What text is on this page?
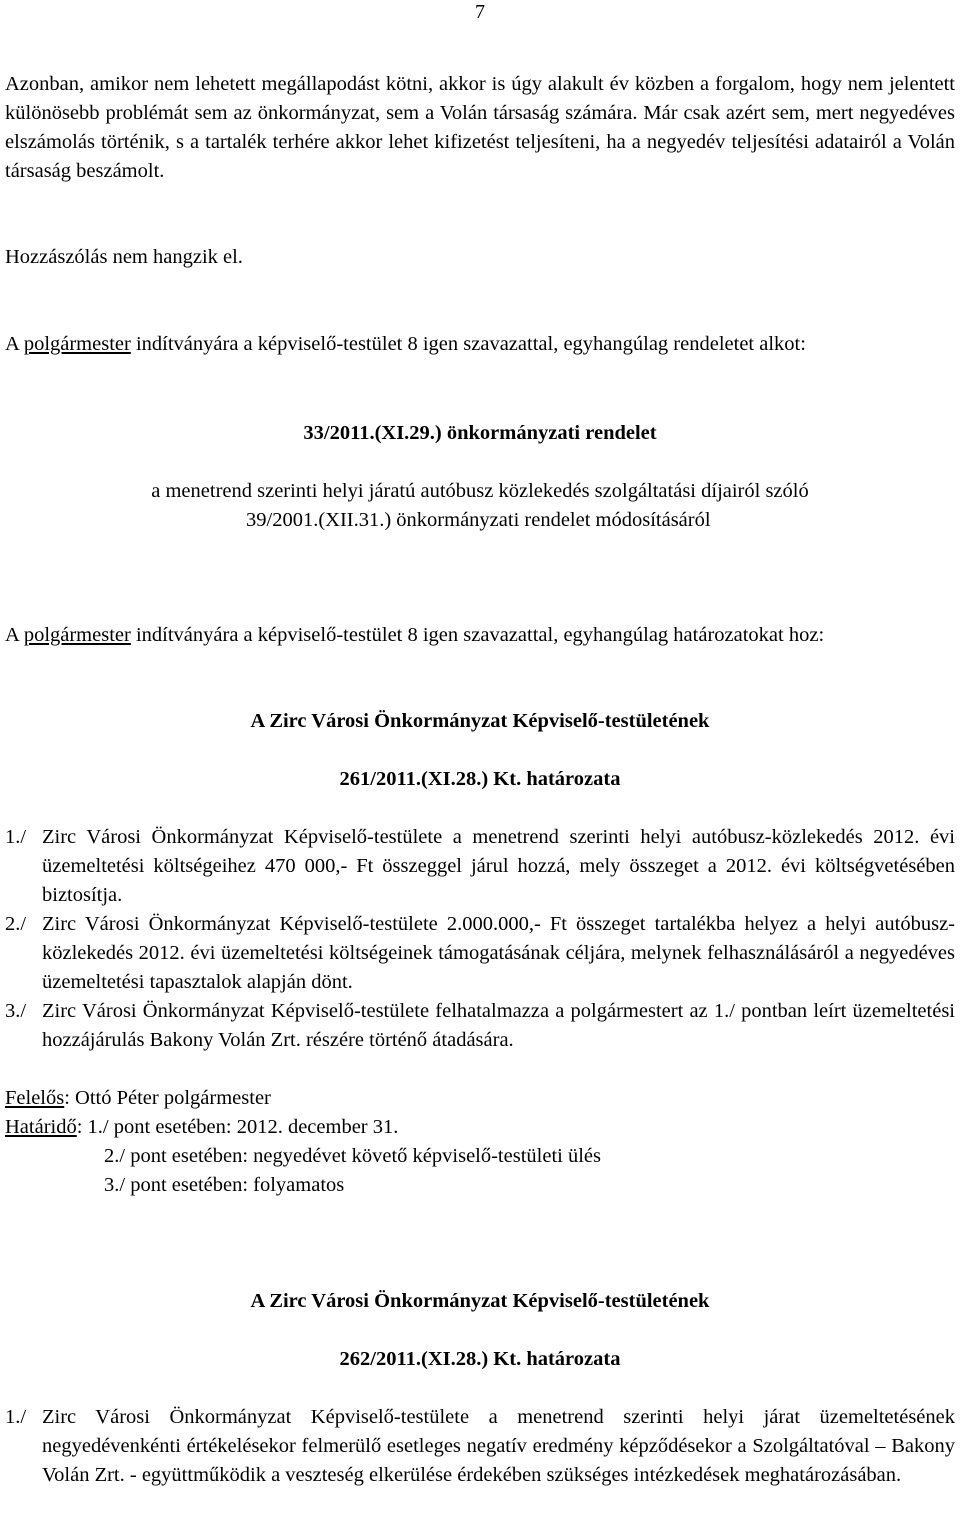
7

Azonban, amikor nem lehetett megállapodást kötni, akkor is úgy alakult év közben a forgalom, hogy nem jelentett különösebb problémát sem az önkormányzat, sem a Volán társaság számára. Már csak azért sem, mert negyedéves elszámolás történik, s a tartalék terhére akkor lehet kifizetést teljesíteni, ha a negyedév teljesítési adatairól a Volán társaság beszámolt.

Hozzászólás nem hangzik el.

A polgármester indítványára a képviselő-testület 8 igen szavazattal, egyhangúlag rendeletet alkot:

33/2011.(XI.29.) önkormányzati rendelet

a menetrend szerinti helyi járatú autóbusz közlekedés szolgáltatási díjairól szóló

39/2001.(XII.31.) önkormányzati rendelet módosításáról

A polgármester indítványára a képviselő-testület 8 igen szavazattal, egyhangúlag határozatokat hoz:

A Zirc Városi Önkormányzat Képviselő-testületének

261/2011.(XI.28.) Kt. határozata

1./ Zirc Városi Önkormányzat Képviselő-testülete a menetrend szerinti helyi autóbusz-közlekedés 2012. évi üzemeltetési költségeihez 470 000,- Ft összeggel járul hozzá, mely összeget a 2012. évi költségvetésében biztosítja.

2./ Zirc Városi Önkormányzat Képviselő-testülete 2.000.000,- Ft összeget tartalékba helyez a helyi autóbusz-közlekedés 2012. évi üzemeltetési költségeinek támogatásának céljára, melynek felhasználásáról a negyedéves üzemeltetési tapasztalok alapján dönt.

3./ Zirc Városi Önkormányzat Képviselő-testülete felhatalmazza a polgármestert az 1./ pontban leírt üzemeltetési hozzájárulás Bakony Volán Zrt. részére történő átadására.

Felelős: Ottó Péter polgármester

Határidő: 1./ pont esetében: 2012. december 31.

2./ pont esetében: negyedévet követő képviselő-testületi ülés

3./ pont esetében: folyamatos

A Zirc Városi Önkormányzat Képviselő-testületének

262/2011.(XI.28.) Kt. határozata

1./ Zirc Városi Önkormányzat Képviselő-testülete a menetrend szerinti helyi járat üzemeltetésének negyedévenkénti értékelésekor felmerülő esetleges negatív eredmény képződésekor a Szolgáltatóval – Bakony Volán Zrt. - együttműködik a veszteség elkerülése érdekében szükséges intézkedések meghatározásában.
